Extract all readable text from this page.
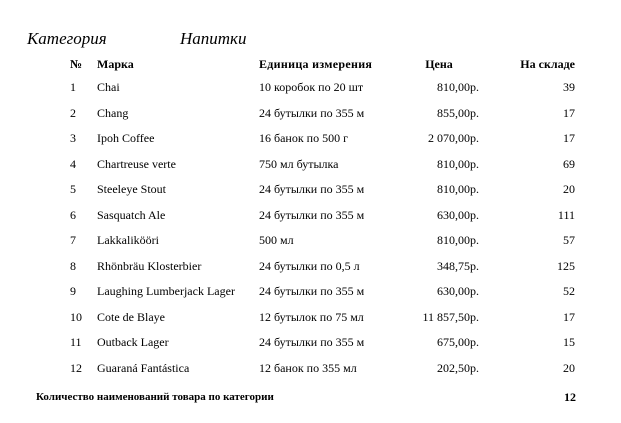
Категория	Напитки
№	Марка	Единица измерения	Цена	На складе
1	Chai	10 коробок по 20 шт	810,00р.	39
2	Chang	24 бутылки по 355 м	855,00р.	17
3	Ipoh Coffee	16 банок по 500 г	2 070,00р.	17
4	Chartreuse verte	750 мл бутылка	810,00р.	69
5	Steeleye Stout	24 бутылки по 355 м	810,00р.	20
6	Sasquatch Ale	24 бутылки по 355 м	630,00р.	111
7	Lakkalikööri	500 мл	810,00р.	57
8	Rhönbräu Klosterbier	24 бутылки по 0,5 л	348,75р.	125
9	Laughing Lumberjack Lager	24 бутылки по 355 м	630,00р.	52
10	Cote de Blaye	12 бутылок по 75 мл	11 857,50р.	17
11	Outback Lager	24 бутылки по 355 м	675,00р.	15
12	Guaraná Fantástica	12 банок по 355 мл	202,50р.	20
Количество наименований товара по категории	12
